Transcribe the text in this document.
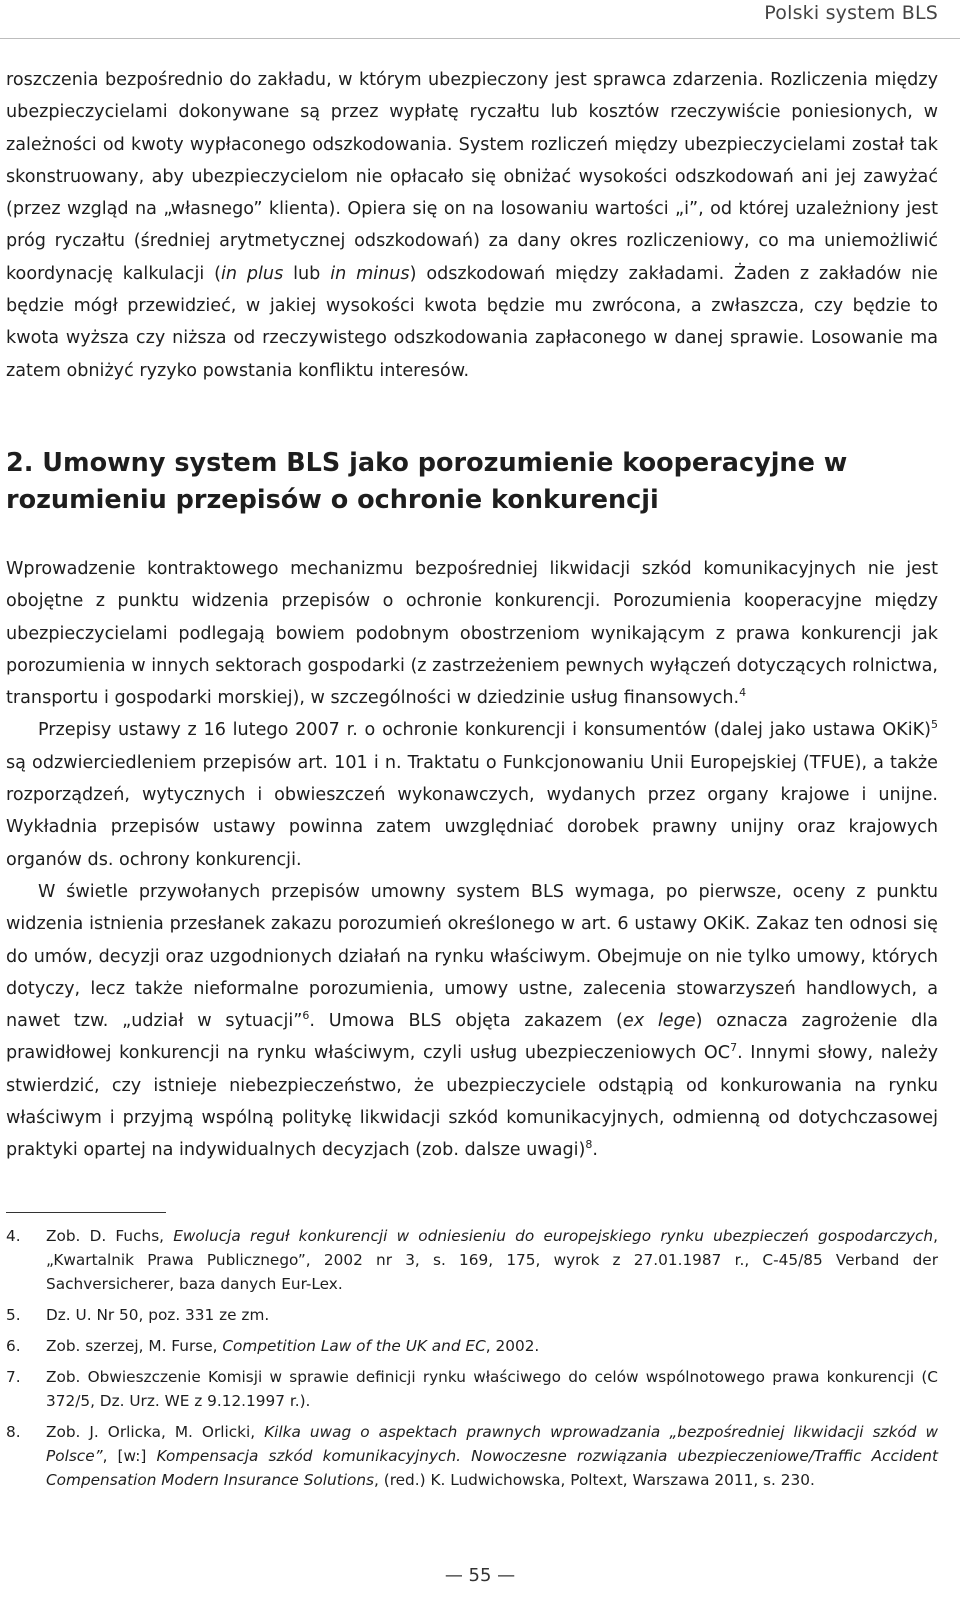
Polski system BLS

roszczenia bezpośrednio do zakładu, w którym ubezpieczony jest sprawca zdarzenia. Rozliczenia między ubezpieczycielami dokonywane są przez wypłatę ryczałtu lub kosztów rzeczywiście poniesionych, w zależności od kwoty wypłaconego odszkodowania. System rozliczeń między ubezpieczycielami został tak skonstruowany, aby ubezpieczycielom nie opłacało się obniżać wysokości odszkodowań ani jej zawyżać (przez wzgląd na „własnego” klienta). Opiera się on na losowaniu wartości „i”, od której uzależniony jest próg ryczałtu (średniej arytmetycznej odszkodowań) za dany okres rozliczeniowy, co ma uniemożliwić koordynację kalkulacji (in plus lub in minus) odszkodowań między zakładami. Żaden z zakładów nie będzie mógł przewidzieć, w jakiej wysokości kwota będzie mu zwrócona, a zwłaszcza, czy będzie to kwota wyższa czy niższa od rzeczywistego odszkodowania zapłaconego w danej sprawie. Losowanie ma zatem obniżyć ryzyko powstania konfliktu interesów.

2. Umowny system BLS jako porozumienie kooperacyjne w rozumieniu przepisów o ochronie konkurencji

Wprowadzenie kontraktowego mechanizmu bezpośredniej likwidacji szkód komunikacyjnych nie jest obojętne z punktu widzenia przepisów o ochronie konkurencji. Porozumienia kooperacyjne między ubezpieczycielami podlegają bowiem podobnym obostrzeniom wynikającym z prawa konkurencji jak porozumienia w innych sektorach gospodarki (z zastrzeżeniem pewnych wyłączeń dotyczących rolnictwa, transportu i gospodarki morskiej), w szczególności w dziedzinie usług finansowych.$^4$

Przepisy ustawy z 16 lutego 2007 r. o ochronie konkurencji i konsumentów (dalej jako ustawa OKiK)$^5$ są odzwierciedleniem przepisów art. 101 i n. Traktatu o Funkcjonowaniu Unii Europejskiej (TFUE), a także rozporządzeń, wytycznych i obwieszczeń wykonawczych, wydanych przez organy krajowe i unijne. Wykładnia przepisów ustawy powinna zatem uwzględniać dorobek prawny unijny oraz krajowych organów ds. ochrony konkurencji.

W świetle przywołanych przepisów umowny system BLS wymaga, po pierwsze, oceny z punktu widzenia istnienia przesłanek zakazu porozumień określonego w art. 6 ustawy OKiK. Zakaz ten odnosi się do umów, decyzji oraz uzgodnionych działań na rynku właściwym. Obejmuje on nie tylko umowy, których dotyczy, lecz także nieformalne porozumienia, umowy ustne, zalecenia stowarzyszeń handlowych, a nawet tzw. „udział w sytuacji”$^6$. Umowa BLS objęta zakazem (ex lege) oznacza zagrożenie dla prawidłowej konkurencji na rynku właściwym, czyli usług ubezpieczeniowych $OC^7$. Innymi słowy, należy stwierdzić, czy istnieje niebezpieczeństwo, że ubezpieczyciele odstąpią od konkurowania na rynku właściwym i przyjmą wspólną politykę likwidacji szkód komunikacyjnych, odmienną od dotychczasowej praktyki opartej na indywidualnych decyzjach (zob. dalsze uwagi)$^8$.

4.	Zob. D. Fuchs, Ewolucja reguł konkurencji w odniesieniu do europejskiego rynku ubezpieczeń gospodarczych, „Kwartalnik Prawa Publicznego”, 2002 nr 3, s. 169, 175, wyrok z 27.01.1987 r., C-45/85 Verband der Sachversicherer, baza danych Eur-Lex.
5.	Dz. U. Nr 50, poz. 331 ze zm.
6.	Zob. szerzej, M. Furse, Competition Law of the UK and EC, 2002.
7.	Zob. Obwieszczenie Komisji w sprawie definicji rynku właściwego do celów wspólnotowego prawa konkurencji (C 372/5, Dz. Urz. WE z 9.12.1997 r.).
8.	Zob. J. Orlicka, M. Orlicki, Kilka uwag o aspektach prawnych wprowadzania „bezpośredniej likwidacji szkód w Polsce”, [w:] Kompensacja szkód komunikacyjnych. Nowoczesne rozwiązania ubezpieczeniowe/Traffic Accident Compensation Modern Insurance Solutions, (red.) K. Ludwichowska, Poltext, Warszawa 2011, s. 230.
— 55 —
